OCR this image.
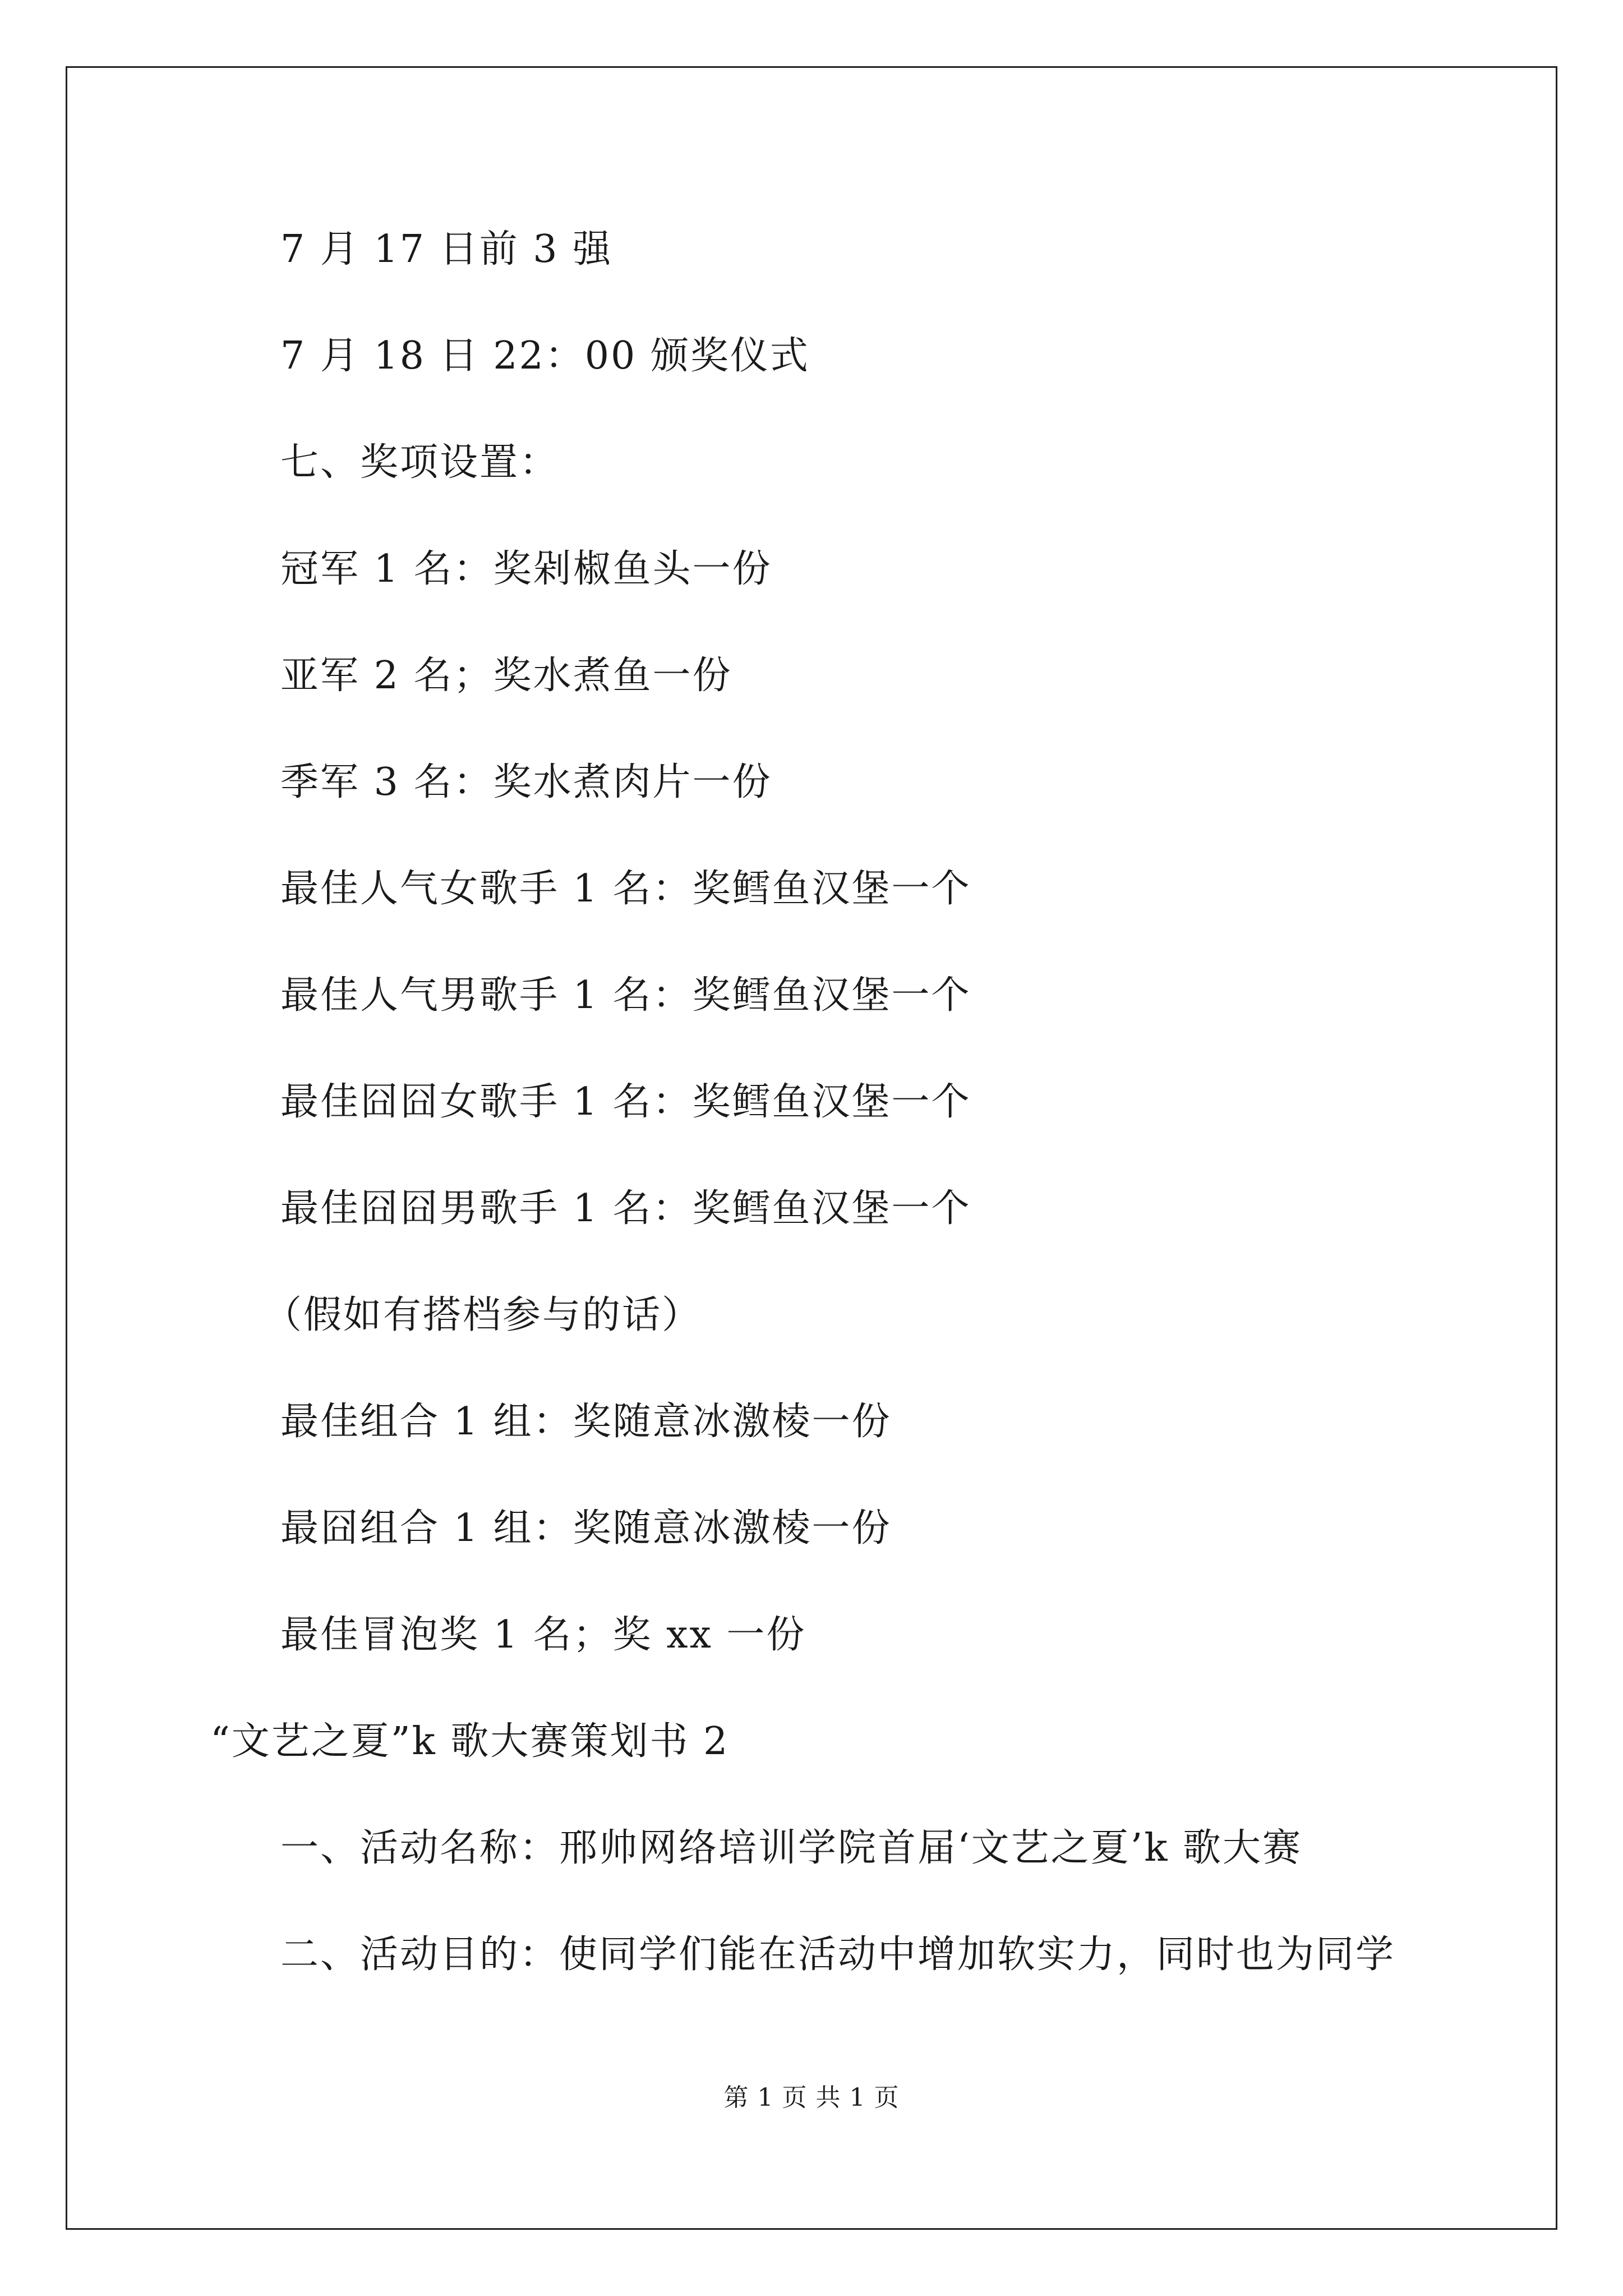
7 月 17 日前 3 强
7 月 18 日 22：00 颁奖仪式
七、奖项设置：
冠军 1 名：奖剁椒鱼头一份
亚军 2 名；奖水煮鱼一份
季军 3 名：奖水煮肉片一份
最佳人气女歌手 1 名：奖鳕鱼汉堡一个
最佳人气男歌手 1 名：奖鳕鱼汉堡一个
最佳囧囧女歌手 1 名：奖鳕鱼汉堡一个
最佳囧囧男歌手 1 名：奖鳕鱼汉堡一个
（假如有搭档参与的话）
最佳组合 1 组：奖随意冰激棱一份
最囧组合 1 组：奖随意冰激棱一份
最佳冒泡奖 1 名；奖 xx 一份
“文艺之夏”k 歌大赛策划书 2
一、活动名称：邢帅网络培训学院首届‘文艺之夏’k 歌大赛
二、活动目的：使同学们能在活动中增加软实力，同时也为同学
第 1 页 共 1 页
